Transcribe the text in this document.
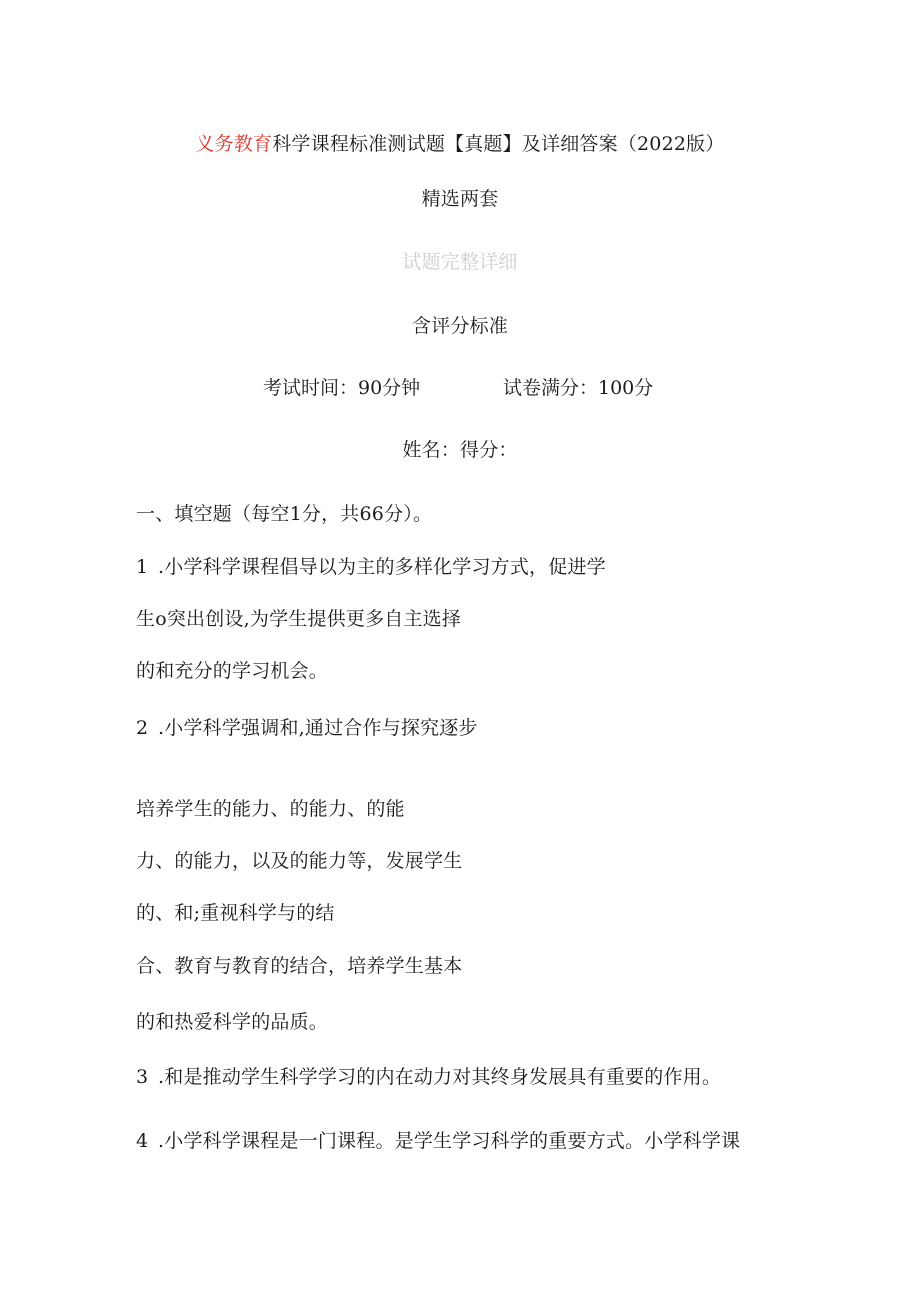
义务教育科学课程标准测试题【真题】及详细答案（2022版）
精选两套
试题完整详细
含评分标准
考试时间：90分钟	试卷满分：100分
姓名：得分：
一、填空题（每空1分，共66分）。
1 .小学科学课程倡导以为主的多样化学习方式，促进学
生o突出创设,为学生提供更多自主选择
的和充分的学习机会。
2 .小学科学强调和,通过合作与探究逐步
培养学生的能力、的能力、的能
力、的能力，以及的能力等，发展学生
的、和;重视科学与的结
合、教育与教育的结合，培养学生基本
的和热爱科学的品质。
3 .和是推动学生科学学习的内在动力对其终身发展具有重要的作用。
4 .小学科学课程是一门课程。是学生学习科学的重要方式。小学科学课
